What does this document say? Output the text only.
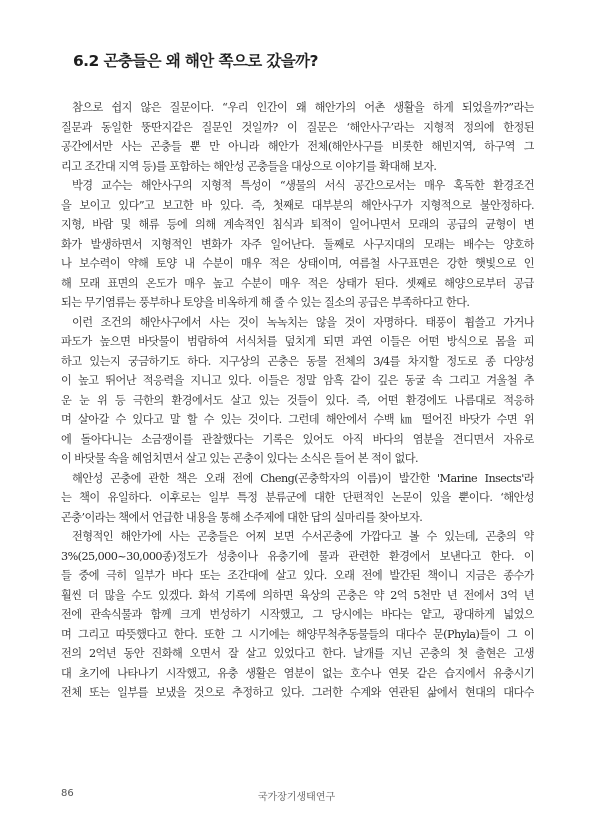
6.2 곤충들은 왜 해안 쪽으로 갔을까?
참으로 쉽지 않은 질문이다. “우리 인간이 왜 해안가의 어촌 생활을 하게 되었을까?”라는
질문과 동일한 뚱딴지같은 질문인 것일까? 이 질문은 ‘해안사구’라는 지형적 정의에 한정된
공간에서만 사는 곤충들 뿐 만 아니라 해안가 전체(해안사구를 비롯한 해빈지역, 하구역 그
리고 조간대 지역 등)를 포함하는 해안성 곤충들을 대상으로 이야기를 확대해 보자.
박경 교수는 해안사구의 지형적 특성이 “생물의 서식 공간으로서는 매우 혹독한 환경조건
을 보이고 있다”고 보고한 바 있다. 즉, 첫째로 대부분의 해안사구가 지형적으로 불안정하다.
지형, 바람 및 해류 등에 의해 계속적인 침식과 퇴적이 일어나면서 모래의 공급의 균형이 변
화가 발생하면서 지형적인 변화가 자주 일어난다. 둘째로 사구지대의 모래는 배수는 양호하
나 보수력이 약해 토양 내 수분이 매우 적은 상태이며, 여름철 사구표면은 강한 햇빛으로 인
해 모래 표면의 온도가 매우 높고 수분이 매우 적은 상태가 된다. 셋째로 해양으로부터 공급
되는 무기염류는 풍부하나 토양을 비옥하게 해 줄 수 있는 질소의 공급은 부족하다고 한다.
이런 조건의 해안사구에서 사는 것이 녹녹치는 않을 것이 자명하다. 태풍이 휩쓸고 가거나
파도가 높으면 바닷물이 범람하여 서식처를 덮치게 되면 과연 이들은 어떤 방식으로 몸을 피
하고 있는지 궁금하기도 하다. 지구상의 곤충은 동물 전체의 3/4를 차지할 정도로 종 다양성
이 높고 뛰어난 적응력을 지니고 있다. 이들은 정말 암흑 같이 깊은 동굴 속 그리고 겨울철 추
운 눈 위 등 극한의 환경에서도 살고 있는 것들이 있다. 즉, 어떤 환경에도 나름대로 적응하
며 살아갈 수 있다고 말 할 수 있는 것이다. 그런데 해안에서 수백 ㎞ 떨어진 바닷가 수면 위
에 돌아다니는 소금쟁이를 관찰했다는 기록은 있어도 아직 바다의 염분을 견디면서 자유로
이 바닷물 속을 헤엄치면서 살고 있는 곤충이 있다는 소식은 들어 본 적이 없다.
해안성 곤충에 관한 책은 오래 전에 Cheng(곤충학자의 이름)이 발간한 'Marine Insects'라
는 책이 유일하다. 이후로는 일부 특정 분류군에 대한 단편적인 논문이 있을 뿐이다. ‘해안성
곤충’이라는 책에서 언급한 내용을 통해 소주제에 대한 답의 실마리를 찾아보자.
전형적인 해안가에 사는 곤충들은 어찌 보면 수서곤충에 가깝다고 볼 수 있는데, 곤충의 약
3%(25,000~30,000종)정도가 성충이나 유충기에 물과 관련한 환경에서 보낸다고 한다. 이
들 중에 극히 일부가 바다 또는 조간대에 살고 있다. 오래 전에 발간된 책이니 지금은 종수가
훨씬 더 많을 수도 있겠다. 화석 기록에 의하면 육상의 곤충은 약 2억 5천만 년 전에서 3억 년
전에 관속식물과 함께 크게 번성하기 시작했고, 그 당시에는 바다는 얕고, 광대하게 넓었으
며 그리고 따뜻했다고 한다. 또한 그 시기에는 해양무척추동물들의 대다수 문(Phyla)들이 그 이
전의 2억년 동안 진화해 오면서 잘 살고 있었다고 한다. 날개를 지닌 곤충의 첫 출현은 고생
대 초기에 나타나기 시작했고, 유충 생활은 염분이 없는 호수나 연못 같은 습지에서 유충시기
전체 또는 일부를 보냈을 것으로 추정하고 있다. 그러한 수계와 연관된 삶에서 현대의 대다수
86	국가장기생태연구
